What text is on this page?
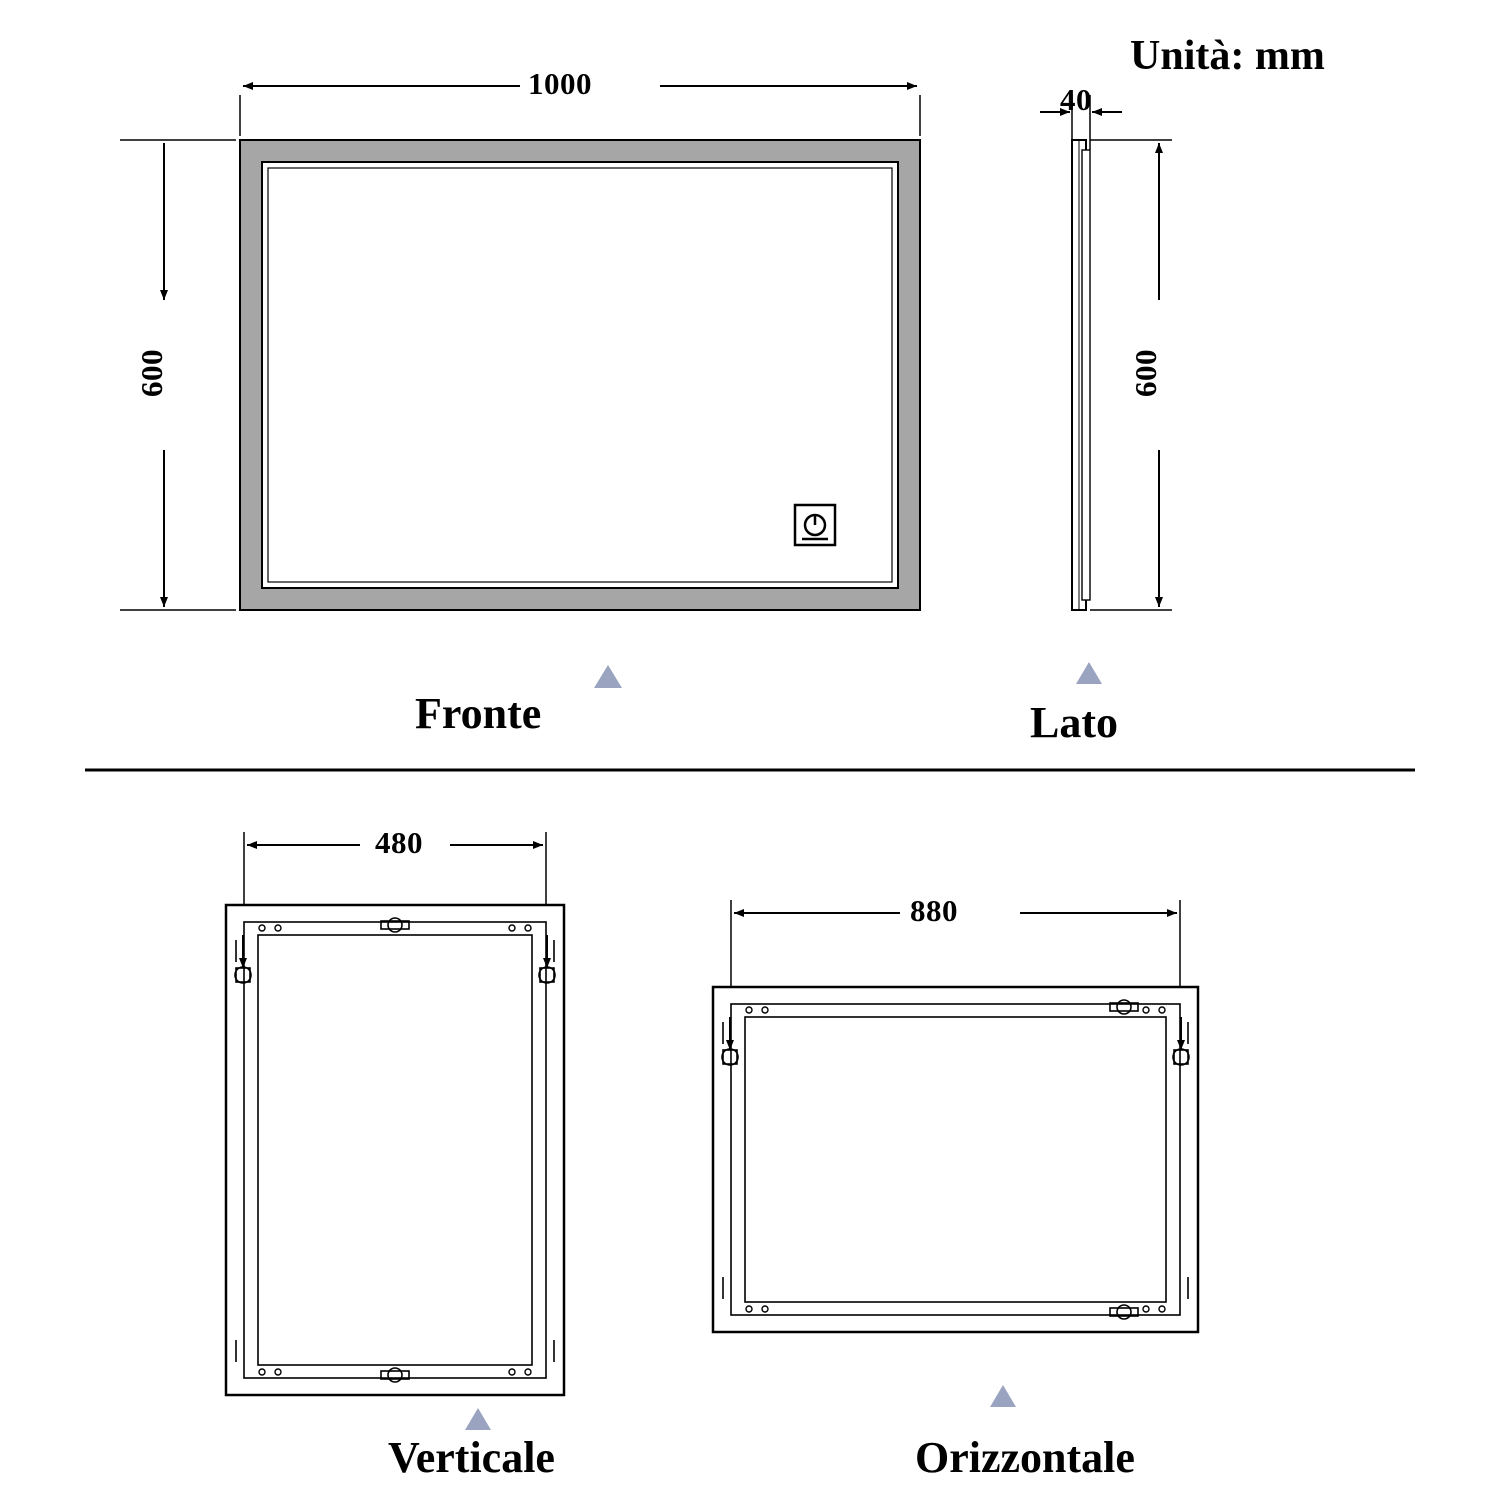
Unità: mm
1000
600
40
600
Fronte	Lato
480
880
Verticale	Orizzontale
